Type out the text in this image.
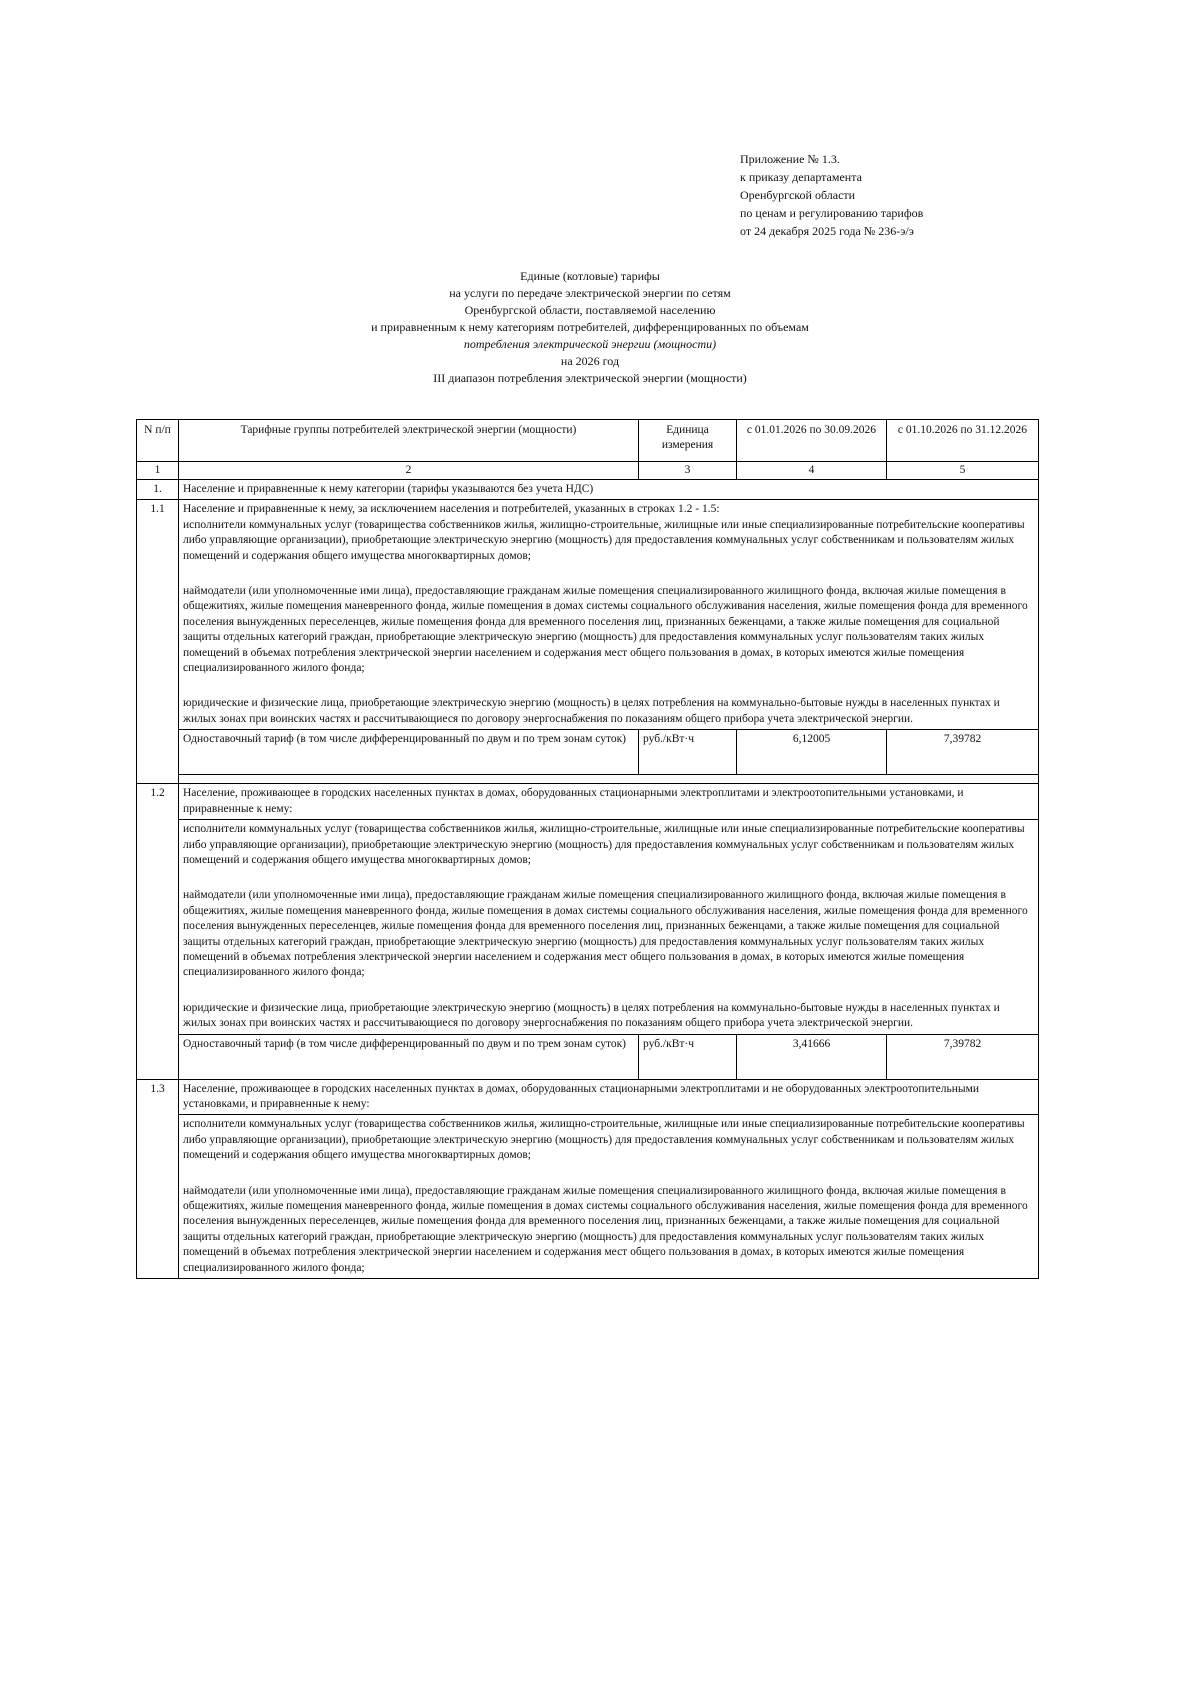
Приложение № 1.3.
к приказу департамента
Оренбургской области
по ценам и регулированию тарифов
от 24 декабря 2025 года № 236-э/э
Единые (котловые) тарифы
на услуги по передаче электрической энергии по сетям
Оренбургской области, поставляемой населению
и приравненным к нему категориям потребителей, дифференцированных по объемам
потребления электрической энергии (мощности)
на 2026 год
III диапазон потребления электрической энергии (мощности)
N п/п	Тарифные группы потребителей электрической энергии (мощности)	Единица измерения	с 01.01.2026 по 30.09.2026	с 01.10.2026 по 31.12.2026
1	2	3	4	5
1.	Население и приравненные к нему категории (тарифы указываются без учета НДС)			
1.1	Население и приравненные к нему, за исключением населения и потребителей, указанных в строках 1.2 - 1.5:

исполнители коммунальных услуг (товарищества собственников жилья, жилищно-строительные, жилищные или иные специализированные потребительские кооперативы либо управляющие организации), приобретающие электрическую энергию (мощность) для предоставления коммунальных услуг собственникам и пользователям жилых помещений и содержания общего имущества многоквартирных домов;

наймодатели (или уполномоченные ими лица), предоставляющие гражданам жилые помещения специализированного жилищного фонда, включая жилые помещения в общежитиях, жилые помещения маневренного фонда, жилые помещения в домах системы социального обслуживания населения, жилые помещения фонда для временного поселения вынужденных переселенцев, жилые помещения фонда для временного поселения лиц, признанных беженцами, а также жилые помещения для социальной защиты отдельных категорий граждан, приобретающие электрическую энергию (мощность) для предоставления коммунальных услуг пользователям таких жилых помещений в объемах потребления электрической энергии населением и содержания мест общего пользования в домах, в которых имеются жилые помещения специализированного жилого фонда;

юридические и физические лица, приобретающие электрическую энергию (мощность) в целях потребления на коммунально-бытовые нужды в населенных пунктах и жилых зонах при воинских частях и рассчитывающиеся по договору энергоснабжения по показаниям общего прибора учета электрической энергии.			

	Одноставочный тариф (в том числе дифференцированный по двум и по трем зонам суток)	руб./кВт·ч	6,12005	7,39782

1.2	Население, проживающее в городских населенных пунктах в домах, оборудованных стационарными электроплитами и электроотопительными установками, и приравненные к нему:			

	исполнители коммунальных услуг (товарищества собственников жилья, жилищно-строительные, жилищные или иные специализированные потребительские кооперативы либо управляющие организации), приобретающие электрическую энергию (мощность) для предоставления коммунальных услуг собственникам и пользователям жилых помещений и содержания общего имущества многоквартирных домов;

наймодатели (или уполномоченные ими лица), предоставляющие гражданам жилые помещения специализированного жилищного фонда, включая жилые помещения в общежитиях, жилые помещения маневренного фонда, жилые помещения в домах системы социального обслуживания населения, жилые помещения фонда для временного поселения вынужденных переселенцев, жилые помещения фонда для временного поселения лиц, признанных беженцами, а также жилые помещения для социальной защиты отдельных категорий граждан, приобретающие электрическую энергию (мощность) для предоставления коммунальных услуг пользователям таких жилых помещений в объемах потребления электрической энергии населением и содержания мест общего пользования в домах, в которых имеются жилые помещения специализированного жилого фонда;

юридические и физические лица, приобретающие электрическую энергию (мощность) в целях потребления на коммунально-бытовые нужды в населенных пунктах и жилых зонах при воинских частях и рассчитывающиеся по договору энергоснабжения по показаниям общего прибора учета электрической энергии.			

	Одноставочный тариф (в том числе дифференцированный по двум и по трем зонам суток)	руб./кВт·ч	3,41666	7,39782
1.3	Население, проживающее в городских населенных пунктах в домах, оборудованных стационарными электроплитами и не оборудованных электроотопительными установками, и приравненные к нему:			

	исполнители коммунальных услуг (товарищества собственников жилья, жилищно-строительные, жилищные или иные специализированные потребительские кооперативы либо управляющие организации), приобретающие электрическую энергию (мощность) для предоставления коммунальных услуг собственникам и пользователям жилых помещений и содержания общего имущества многоквартирных домов;

наймодатели (или уполномоченные ими лица), предоставляющие гражданам жилые помещения специализированного жилищного фонда, включая жилые помещения в общежитиях, жилые помещения маневренного фонда, жилые помещения в домах системы социального обслуживания населения, жилые помещения фонда для временного поселения вынужденных переселенцев, жилые помещения фонда для временного поселения лиц, признанных беженцами, а также жилые помещения для социальной защиты отдельных категорий граждан, приобретающие электрическую энергию (мощность) для предоставления коммунальных услуг пользователям таких жилых помещений в объемах потребления электрической энергии населением и содержания мест общего пользования в домах, в которых имеются жилые помещения специализированного жилого фонда;			
